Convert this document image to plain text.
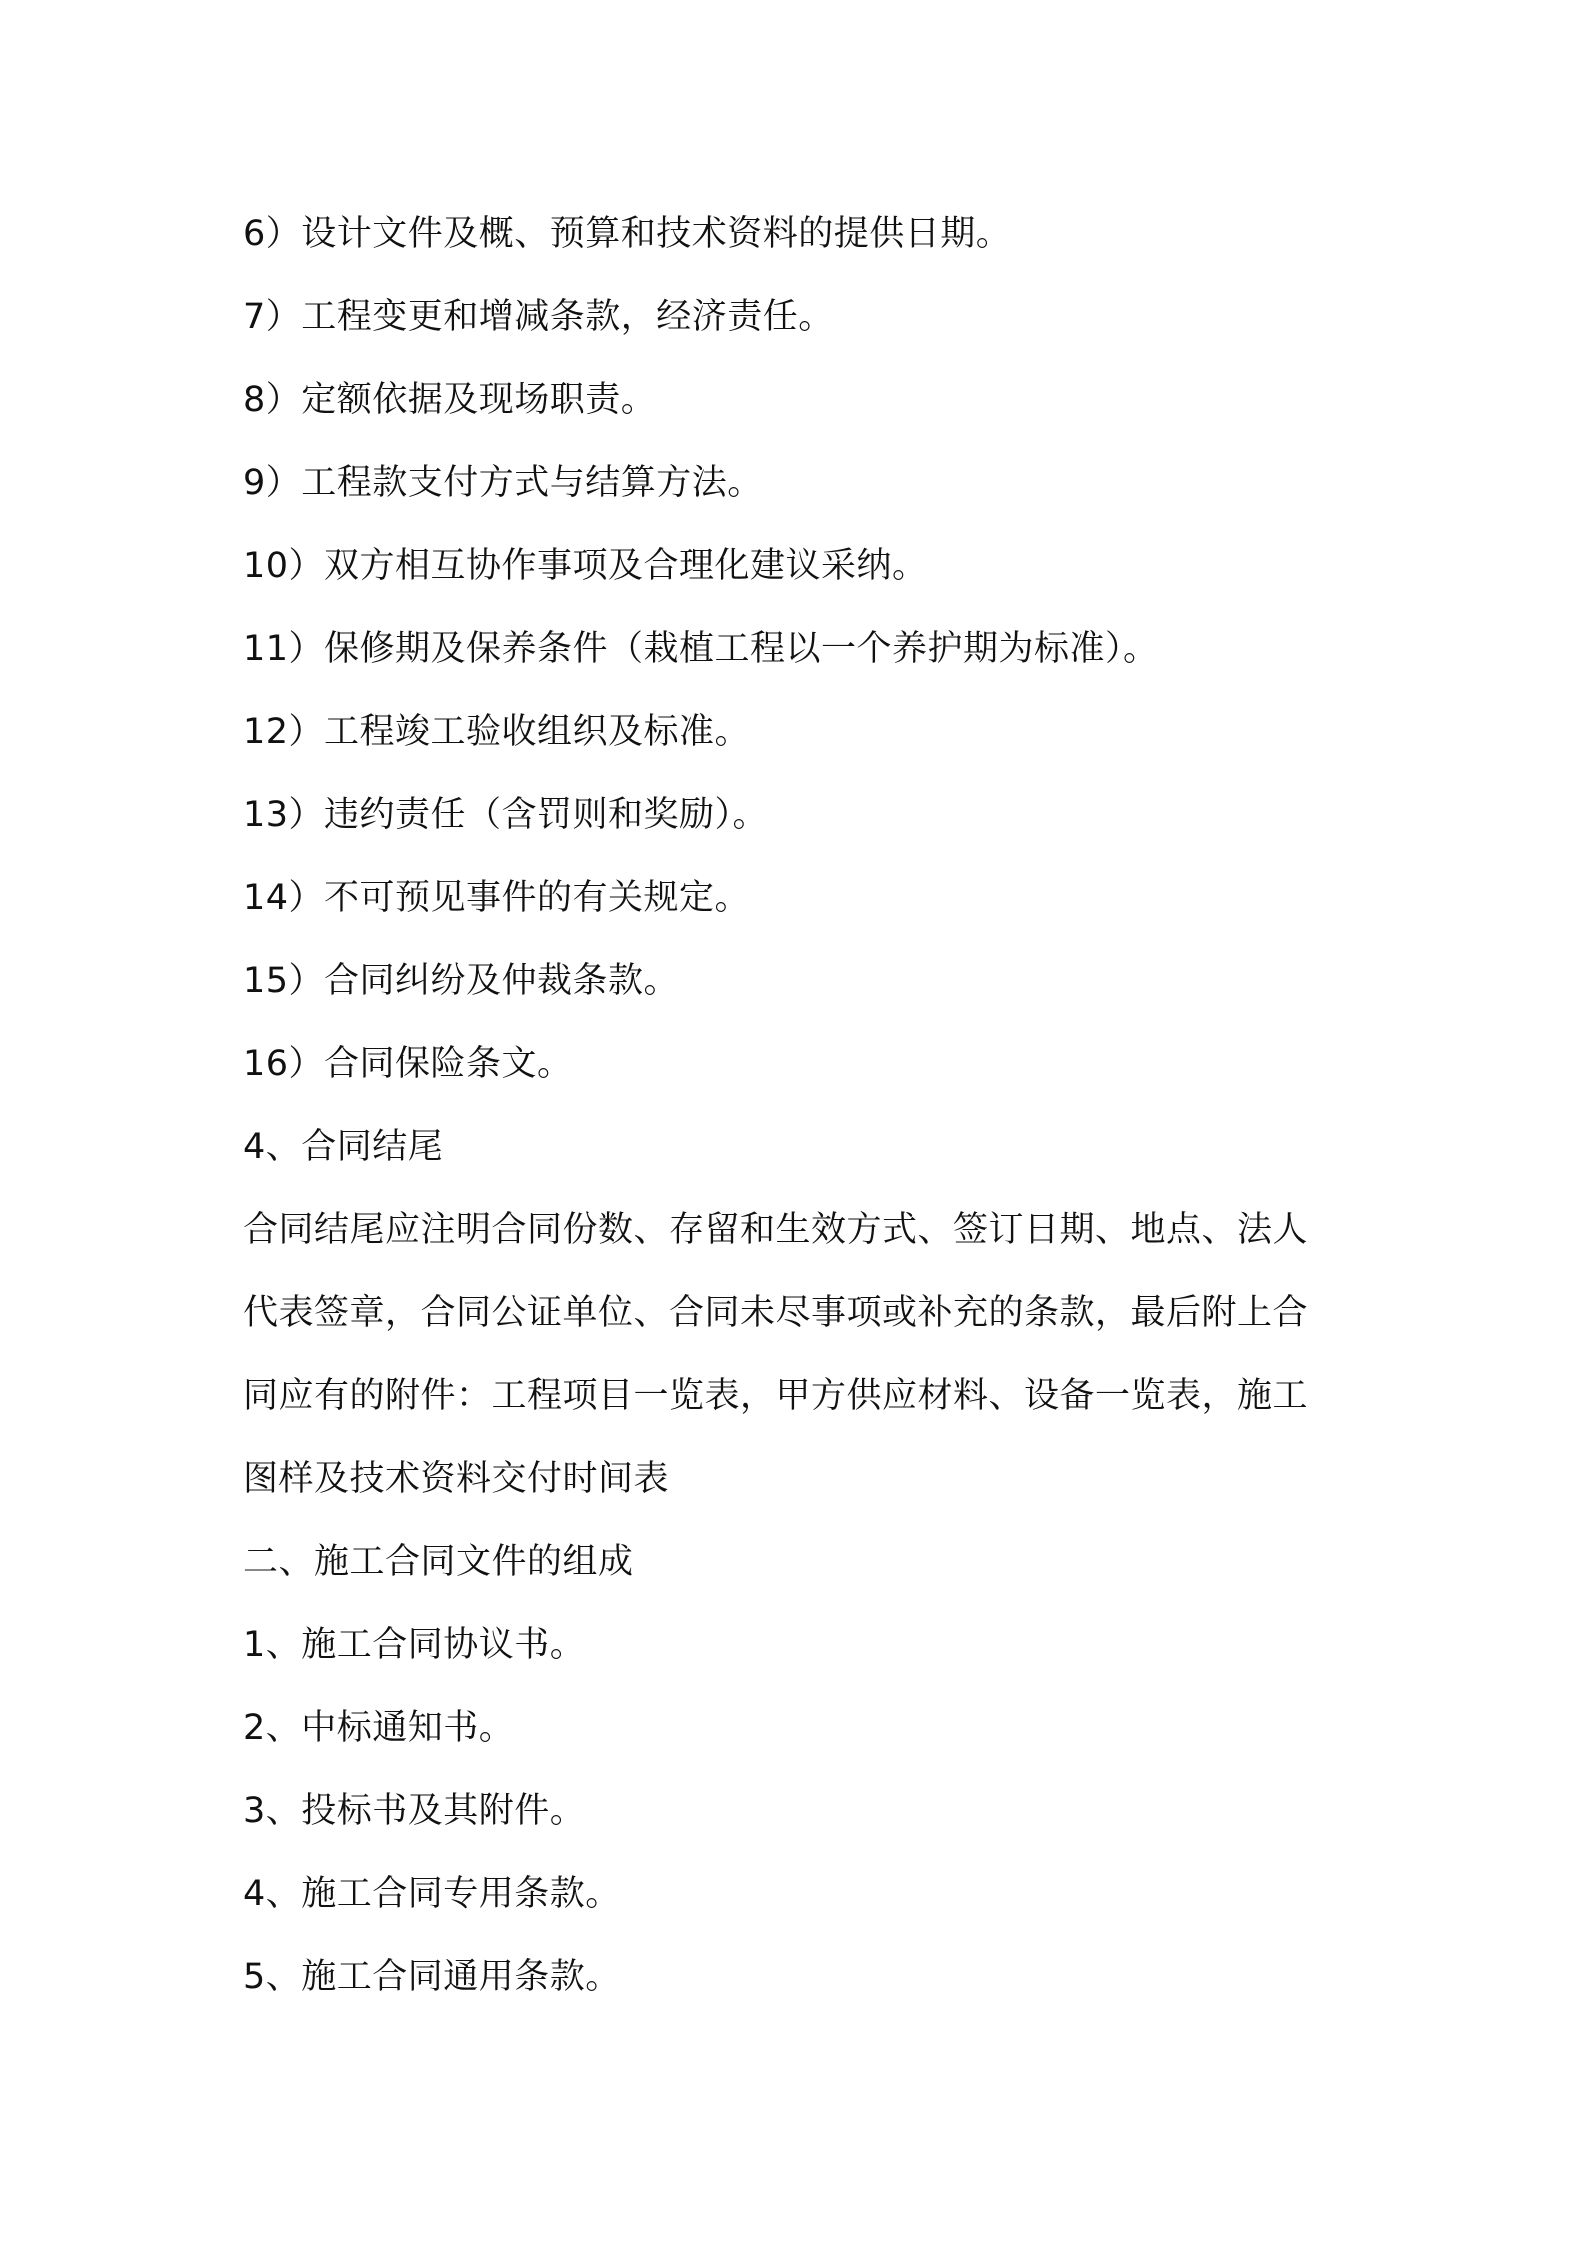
6）设计文件及概、预算和技术资料的提供日期。
7）工程变更和增减条款，经济责任。
8）定额依据及现场职责。
9）工程款支付方式与结算方法。
10）双方相互协作事项及合理化建议采纳。
11）保修期及保养条件（栽植工程以一个养护期为标准）。
12）工程竣工验收组织及标准。
13）违约责任（含罚则和奖励）。
14）不可预见事件的有关规定。
15）合同纠纷及仲裁条款。
16）合同保险条文。
4、合同结尾
合同结尾应注明合同份数、存留和生效方式、签订日期、地点、法人
代表签章，合同公证单位、合同未尽事项或补充的条款，最后附上合
同应有的附件：工程项目一览表，甲方供应材料、设备一览表，施工
图样及技术资料交付时间表
二、施工合同文件的组成
1、施工合同协议书。
2、中标通知书。
3、投标书及其附件。
4、施工合同专用条款。
5、施工合同通用条款。
